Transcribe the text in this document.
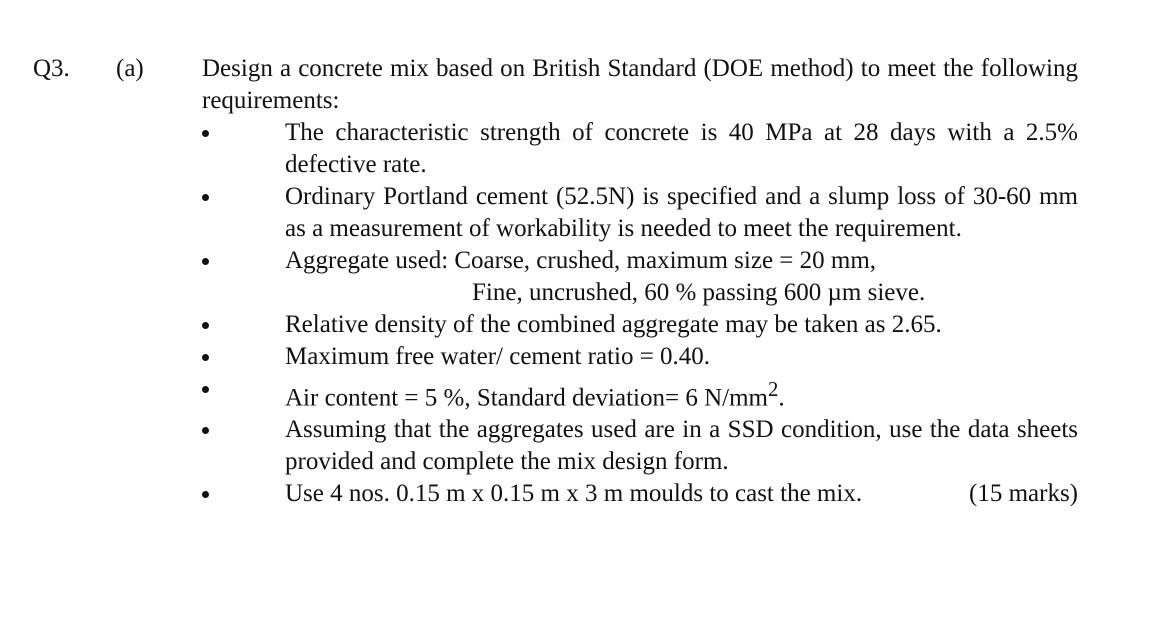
Q3. (a) Design a concrete mix based on British Standard (DOE method) to meet the following requirements:
The characteristic strength of concrete is 40 MPa at 28 days with a 2.5% defective rate.
Ordinary Portland cement (52.5N) is specified and a slump loss of 30-60 mm as a measurement of workability is needed to meet the requirement.
Aggregate used: Coarse, crushed, maximum size = 20 mm,
Fine, uncrushed, 60 % passing 600 µm sieve.
Relative density of the combined aggregate may be taken as 2.65.
Maximum free water/ cement ratio = 0.40.
Air content = 5 %, Standard deviation= 6 $N/mm^2$.
Assuming that the aggregates used are in a SSD condition, use the data sheets provided and complete the mix design form.
Use 4 nos. 0.15 m x 0.15 m x 3 m moulds to cast the mix.	(15 marks)
